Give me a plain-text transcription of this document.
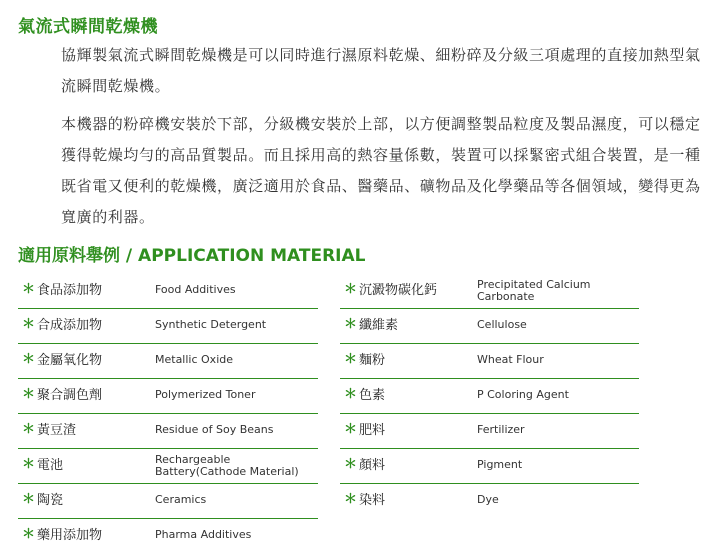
氣流式瞬間乾燥機

協輝製氣流式瞬間乾燥機是可以同時進行濕原料乾燥、細粉碎及分級三項處理的直接加熱型氣流瞬間乾燥機。

本機器的粉碎機安裝於下部，分級機安裝於上部，以方便調整製品粒度及製品濕度，可以穩定獲得乾燥均勻的高品質製品。而且採用高的熱容量係數，裝置可以採緊密式組合裝置，是一種既省電又便利的乾燥機，廣泛適用於食品、醫藥品、礦物品及化學藥品等各個領域，變得更為寬廣的利器。

適用原料舉例 / APPLICATION MATERIAL
＊ 食品添加物	Food Additives
＊ 合成添加物	Synthetic Detergent
＊ 金屬氧化物	Metallic Oxide
＊ 聚合調色劑	Polymerized Toner
＊ 黃豆渣	Residue of Soy Beans
＊ 電池	Rechargeable Battery(Cathode Material)
＊ 陶瓷	Ceramics
＊ 藥用添加物	Pharma Additives
＊ 沉澱物碳化鈣	Precipitated Calcium Carbonate
＊ 纖維素	Cellulose
＊ 麵粉	Wheat Flour
＊ 色素	P Coloring Agent
＊ 肥料	Fertilizer
＊ 顏料	Pigment
＊ 染料	Dye
